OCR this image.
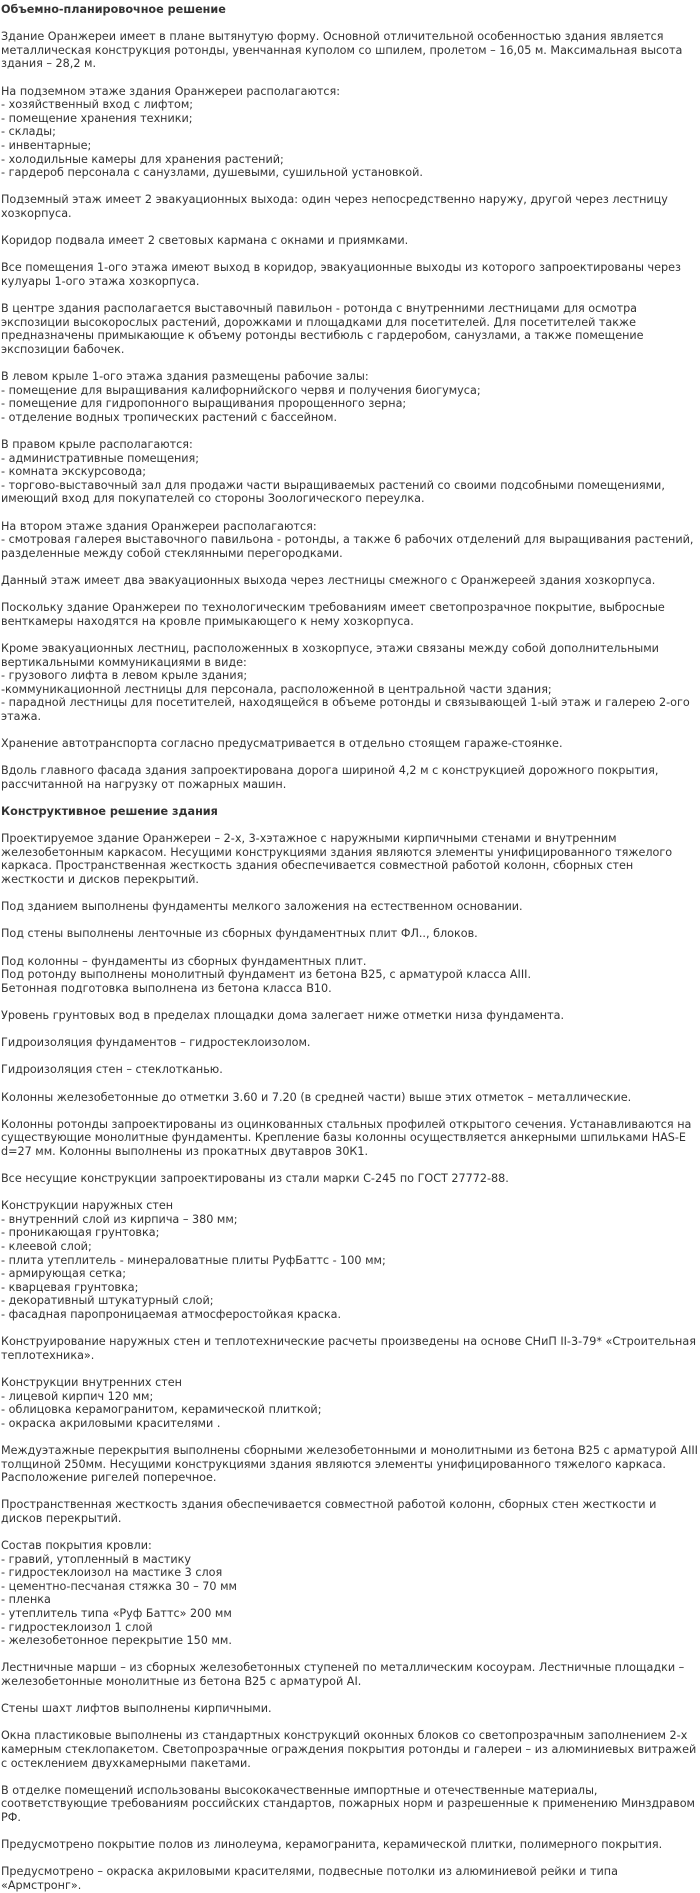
Объемно-планировочное решение

Здание Оранжереи имеет в плане вытянутую форму. Основной отличительной особенностью здания является металлическая конструкция ротонды, увенчанная куполом со шпилем, пролетом – 16,05 м. Максимальная высота здания – 28,2 м.

На подземном этаже здания Оранжереи располагаются:
- хозяйственный вход с лифтом;
- помещение хранения техники;
- склады;
- инвентарные;
- холодильные камеры для хранения растений;
- гардероб персонала с санузлами, душевыми, сушильной установкой.

Подземный этаж имеет 2 эвакуационных выхода: один через непосредственно наружу, другой через лестницу хозкорпуса.

Коридор подвала имеет 2 световых кармана с окнами и приямками.

Все помещения 1-ого этажа имеют выход в коридор, эвакуационные выходы из которого запроектированы через кулуары 1-ого этажа хозкорпуса.

В центре здания располагается выставочный павильон - ротонда с внутренними лестницами для осмотра экспозиции высокорослых растений, дорожками и площадками для посетителей. Для посетителей также предназначены примыкающие к объему ротонды вестибюль с гардеробом, санузлами, а также помещение экспозиции бабочек.

В левом крыле 1-ого этажа здания размещены рабочие залы:
- помещение для выращивания калифорнийского червя и получения биогумуса;
- помещение для гидропонного выращивания пророщенного зерна;
- отделение водных тропических растений с бассейном.

В правом крыле располагаются:
- административные помещения;
- комната экскурсовода;
- торгово-выставочный зал для продажи части выращиваемых растений со своими подсобными помещениями, имеющий вход для покупателей со стороны Зоологического переулка.

На втором этаже здания Оранжереи располагаются:
- смотровая галерея выставочного павильона - ротонды, а также 6 рабочих отделений для выращивания растений, разделенные между собой стеклянными перегородками.

Данный этаж имеет два эвакуационных выхода через лестницы смежного с Оранжереей здания хозкорпуса.

Поскольку здание Оранжереи по технологическим требованиям имеет светопрозрачное покрытие, выбросные венткамеры находятся на кровле примыкающего к нему хозкорпуса.

Кроме эвакуационных лестниц, расположенных в хозкорпусе, этажи связаны между собой дополнительными вертикальными коммуникациями в виде:
- грузового лифта в левом крыле здания;
-коммуникационной лестницы для персонала, расположенной в центральной части здания;
- парадной лестницы для посетителей, находящейся в объеме ротонды и связывающей 1-ый этаж и галерею 2-ого этажа.

Хранение автотранспорта согласно предусматривается в отдельно стоящем гараже-стоянке.

Вдоль главного фасада здания запроектирована дорога шириной 4,2 м с конструкцией дорожного покрытия, рассчитанной на нагрузку от пожарных машин.

Конструктивное решение здания

Проектируемое здание Оранжереи – 2-х, 3-хэтажное с наружными кирпичными стенами и внутренним железобетонным каркасом. Несущими конструкциями здания являются элементы унифицированного тяжелого каркаса. Пространственная жесткость здания обеспечивается совместной работой колонн, сборных стен жесткости и дисков перекрытий.

Под зданием выполнены фундаменты мелкого заложения на естественном основании.

Под стены выполнены ленточные из сборных фундаментных плит ФЛ.., блоков.

Под колонны – фундаменты из сборных фундаментных плит.
Под ротонду выполнены монолитный фундамент из бетона В25, с арматурой класса АIII.
Бетонная подготовка выполнена из бетона класса В10.

Уровень грунтовых вод в пределах площадки дома залегает ниже отметки низа фундамента.

Гидроизоляция фундаментов – гидростеклоизолом.

Гидроизоляция стен – стеклотканью.

Колонны железобетонные до отметки 3.60 и 7.20 (в средней части) выше этих отметок – металлические.

Колонны ротонды запроектированы из оцинкованных стальных профилей открытого сечения. Устанавливаются на существующие монолитные фундаменты. Крепление базы колонны осуществляется анкерными шпильками HAS-E d=27 мм. Колонны выполнены из прокатных двутавров 30К1.

Все несущие конструкции запроектированы из стали марки С-245 по ГОСТ 27772-88.

Конструкции наружных стен
- внутренний слой из кирпича – 380 мм;
- проникающая грунтовка;
- клеевой слой;
- плита утеплитель - минераловатные плиты РуфБаттс - 100 мм;
- армирующая сетка;
- кварцевая грунтовка;
- декоративный штукатурный слой;
- фасадная паропроницаемая атмосферостойкая краска.

Конструирование наружных стен и теплотехнические расчеты произведены на основе СНиП II-3-79* «Строительная теплотехника».

Конструкции внутренних стен
- лицевой кирпич 120 мм;
- облицовка керамогранитом, керамической плиткой;
- окраска акриловыми красителями .

Междуэтажные перекрытия выполнены сборными железобетонными и монолитными из бетона В25 с арматурой АIII толщиной 250мм. Несущими конструкциями здания являются элементы унифицированного тяжелого каркаса. Расположение ригелей поперечное.

Пространственная жесткость здания обеспечивается совместной работой колонн, сборных стен жесткости и дисков перекрытий.

Состав покрытия кровли:
- гравий, утопленный в мастику
- гидростеклоизол на мастике 3 слоя
- цементно-песчаная стяжка 30 – 70 мм
- пленка
- утеплитель типа «Руф Баттс» 200 мм
- гидростеклоизол 1 слой
- железобетонное перекрытие 150 мм.

Лестничные марши – из сборных железобетонных ступеней по металлическим косоурам. Лестничные площадки – железобетонные монолитные из бетона В25 с арматурой АI.

Стены шахт лифтов выполнены кирпичными.

Окна пластиковые выполнены из стандартных конструкций оконных блоков со светопрозрачным заполнением 2-х камерным стеклопакетом. Светопрозрачные ограждения покрытия ротонды и галереи – из алюминиевых витражей с остеклением двухкамерными пакетами.

В отделке помещений использованы высококачественные импортные и отечественные материалы, соответствующие требованиям российских стандартов, пожарных норм и разрешенные к применению Минздравом РФ.

Предусмотрено покрытие полов из линолеума, керамогранита, керамической плитки, полимерного покрытия.

Предусмотрено – окраска акриловыми красителями, подвесные потолки из алюминиевой рейки и типа «Армстронг».
